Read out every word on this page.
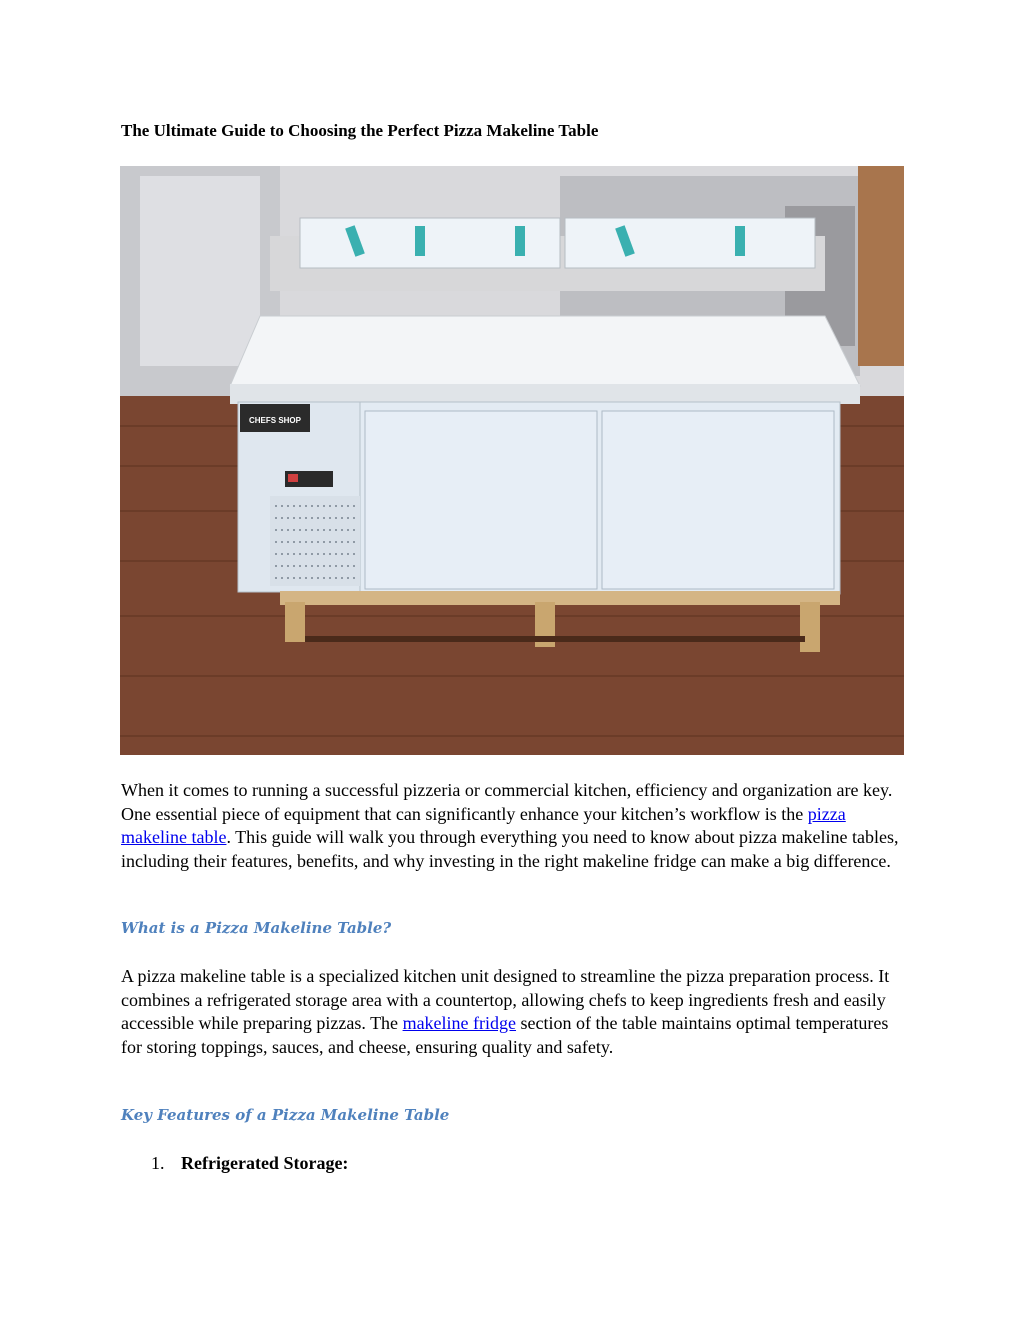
The Ultimate Guide to Choosing the Perfect Pizza Makeline Table
CHEFS SHOP

When it comes to running a successful pizzeria or commercial kitchen, efficiency and organization are key. One essential piece of equipment that can significantly enhance your kitchen’s workflow is the pizza makeline table. This guide will walk you through everything you need to know about pizza makeline tables, including their features, benefits, and why investing in the right makeline fridge can make a big difference.

What is a Pizza Makeline Table?

A pizza makeline table is a specialized kitchen unit designed to streamline the pizza preparation process. It combines a refrigerated storage area with a countertop, allowing chefs to keep ingredients fresh and easily accessible while preparing pizzas. The makeline fridge section of the table maintains optimal temperatures for storing toppings, sauces, and cheese, ensuring quality and safety.

Key Features of a Pizza Makeline Table
1. Refrigerated Storage:
